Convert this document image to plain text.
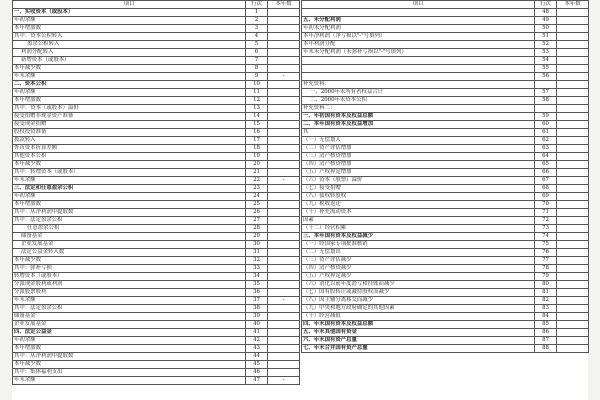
项目	行次	本年数
一、实收资本（或股本）	1	
年初余额	2	
本年增加数	3	
其中：资本公积转入	4	
盈余公积转入	5	
利润分配转入	6	
新增资本（或股本）	7	
本年减少数	8	
年末余额	9	-
二、资本公积	10	
年初余额	11	
本年增加数	12	
其中：资本（或股本）溢价	13	
接受捐赠非现金资产准备	14	
接受现金捐赠	15	
股权投资准备	16	
拨款转入	17	
外币资本折算差额	18	
其他资本公积	19	
本年减少数	20	
其中：转增资本（或股本）	21	
年末余额	22	-
三、法定和任意盈余公积	23	
年初余额	24	
本年增加数	25	
其中：从净利润中提取数	26	
其中：法定盈余公积	27	
任意盈余公积	28	
储备基金	29	
企业发展基金	30	
法定公益金转入数	31	
本年减少数	32	
其中：弥补亏损	33	
转增资本（或股本）	34	
分派现金股利或利润	35	
分派股票股利	36	
年末余额	37	-
其中：法定盈余公积	38	
储备基金	39	
企业发展基金	40	
四、法定公益金	41	
年初余额	42	
本年增加数	43	
其中：从净利润中提取数	44	
本年减少数	45	
其中：集体福利支出	46	
年末余额	47	-
项目	行次	本年数
	48	
五、未分配利润	49	
年初未分配利润	50	
本年净利润（净亏损以"-"号填列）	51	
本年利润分配	52	
年末未分配利润（未弥补亏损以"-"号填列）	53	
	54	
	55	
	56	
补充资料：		
一、2000年末所有者权益合计	57	
二、2000年末资本公积	58	
补充资料二：		
一、年初国有资本及权益总额	59	
二、本年国有资本及权益增加	60	
其	61	
（一）无偿划入	62	
（二）资产评估增加	63	
（三）清产核资增加	64	
（四）清产核资增加	65	
（五）产权界定增加	66	
（六）资本（股票）溢价	67	
（七）接受捐赠	68	
（八）债权转股权	69	
（九）税收返还	70	
（十）补充流动资本	71	
因素	72	
（十二）经营积累	73	
三、本年国有资本及权益减少	74	
（一）经国家专项批准核销	75	
（二）无偿划出	76	
（三）资产评估减少	77	
（四）清产核资减少	78	
（五）产权界定减少	79	
（六）消化以前年度潜亏和挂账而减少	80	
（七）国有股转让或减持股权而减少	81	
（八）因主辅分离移交而减少	82	
（九）中央和地方政府确定的其他因素	83	
（十）经营减值	84	
四、年末国有资本及权益总额	85	
五、年末其他国有资金	86	
六、年末国有资产总量	87	
七、年末合并国有资产总量	88	
